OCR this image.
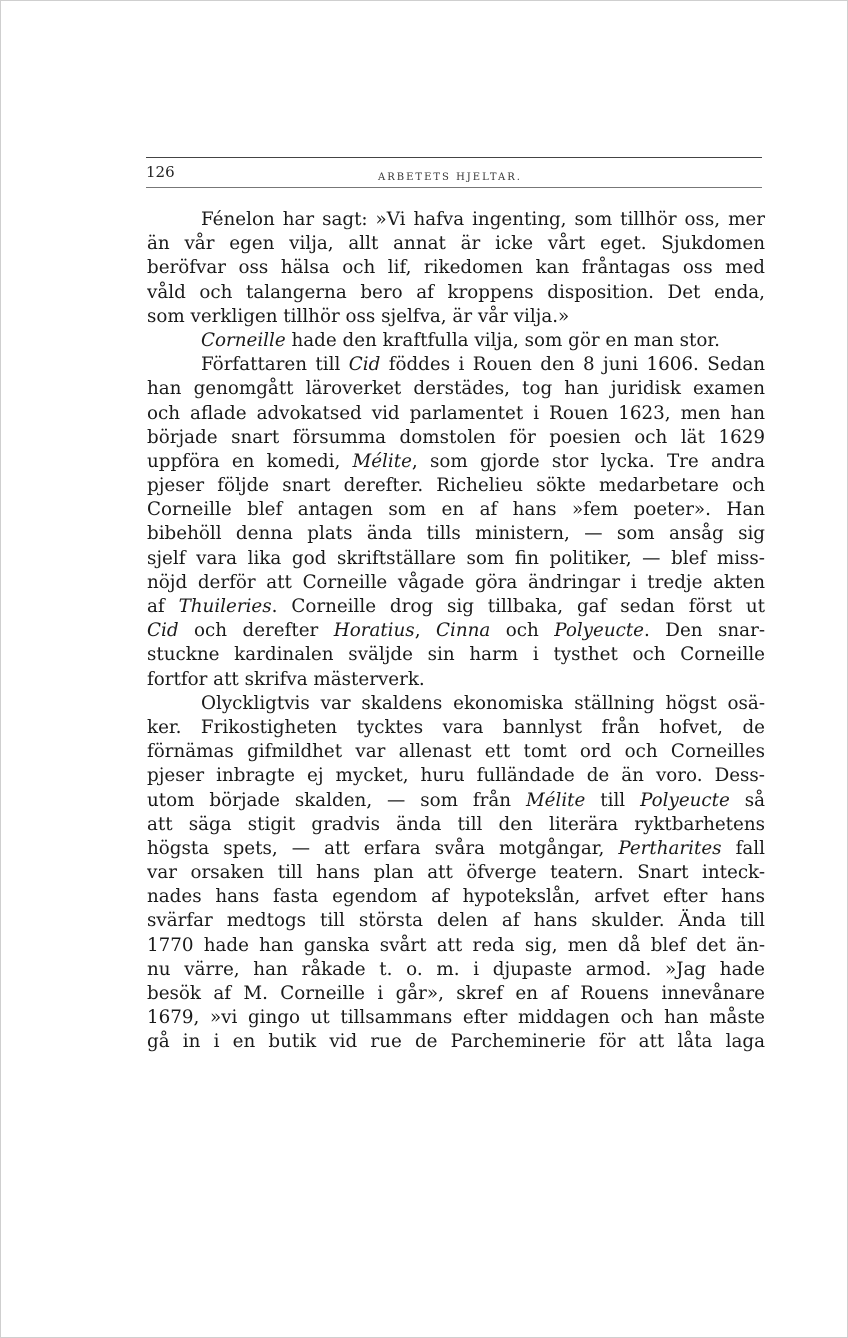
126	ARBETETS HJELTAR.
Fénelon har sagt: »Vi hafva ingenting, som tillhör oss, mer
än vår egen vilja, allt annat är icke vårt eget. Sjukdomen
beröfvar oss hälsa och lif, rikedomen kan fråntagas oss med
våld och talangerna bero af kroppens disposition. Det enda,
som verkligen tillhör oss sjelfva, är vår vilja.»
Corneille hade den kraftfulla vilja, som gör en man stor.
Författaren till Cid föddes i Rouen den 8 juni 1606. Sedan
han genomgått läroverket derstädes, tog han juridisk examen
och aflade advokatsed vid parlamentet i Rouen 1623, men han
började snart försumma domstolen för poesien och lät 1629
uppföra en komedi, Mélite, som gjorde stor lycka. Tre andra
pjeser följde snart derefter. Richelieu sökte medarbetare och
Corneille blef antagen som en af hans »fem poeter». Han
bibehöll denna plats ända tills ministern, — som ansåg sig
sjelf vara lika god skriftställare som fin politiker, — blef miss-
nöjd derför att Corneille vågade göra ändringar i tredje akten
af Thuileries. Corneille drog sig tillbaka, gaf sedan först ut
Cid och derefter Horatius, Cinna och Polyeucte. Den snar-
stuckne kardinalen sväljde sin harm i tysthet och Corneille
fortfor att skrifva mästerverk.
Olyckligtvis var skaldens ekonomiska ställning högst osä-
ker. Frikostigheten tycktes vara bannlyst från hofvet, de
förnämas gifmildhet var allenast ett tomt ord och Corneilles
pjeser inbragte ej mycket, huru fulländade de än voro. Dess-
utom började skalden, — som från Mélite till Polyeucte så
att säga stigit gradvis ända till den literära ryktbarhetens
högsta spets, — att erfara svåra motgångar, Pertharites fall
var orsaken till hans plan att öfverge teatern. Snart inteck-
nades hans fasta egendom af hypotekslån, arfvet efter hans
svärfar medtogs till största delen af hans skulder. Ända till
1770 hade han ganska svårt att reda sig, men då blef det än-
nu värre, han råkade t. o. m. i djupaste armod. »Jag hade
besök af M. Corneille i går», skref en af Rouens innevånare
1679, »vi gingo ut tillsammans efter middagen och han måste
gå in i en butik vid rue de Parcheminerie för att låta laga
